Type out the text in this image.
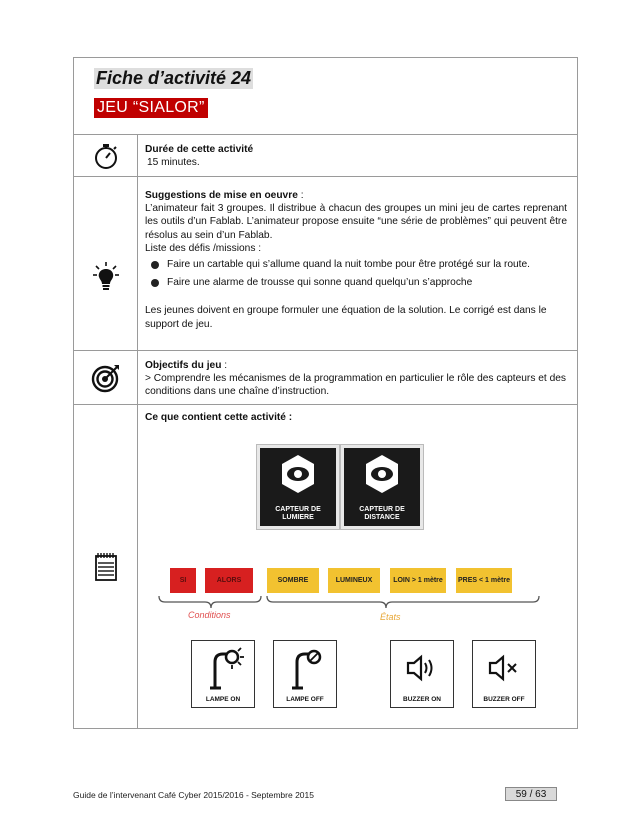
Fiche d’activité 24
JEU “SIALOR”
Durée de cette activité
15 minutes.
Suggestions de mise en oeuvre :
L’animateur fait 3 groupes. Il distribue à chacun des groupes un mini jeu de cartes reprenant les outils d’un Fablab. L’animateur propose ensuite “une série de problèmes” qui peuvent être résolus au sein d’un Fablab.
Liste des défis /missions :
Faire un cartable qui s’allume quand la nuit tombe pour être protégé sur la route.
Faire une alarme de trousse qui sonne quand quelqu’un s’approche
Les jeunes doivent en groupe formuler une équation de la solution. Le corrigé est dans le support de jeu.
Objectifs du jeu :
> Comprendre les mécanismes de la programmation en particulier le rôle des capteurs et des conditions dans une chaîne d’instruction.
Ce que contient cette activité :
CAPTEUR DE
LUMIERE
CAPTEUR DE
DISTANCE
SI	ALORS	SOMBRE	LUMINEUX	LOIN > 1 mètre	PRES < 1 mètre
Conditions	États
LAMPE ON	LAMPE OFF	BUZZER ON	BUZZER OFF
Guide de l’intervenant Café Cyber 2015/2016 - Septembre 2015	59 / 63
